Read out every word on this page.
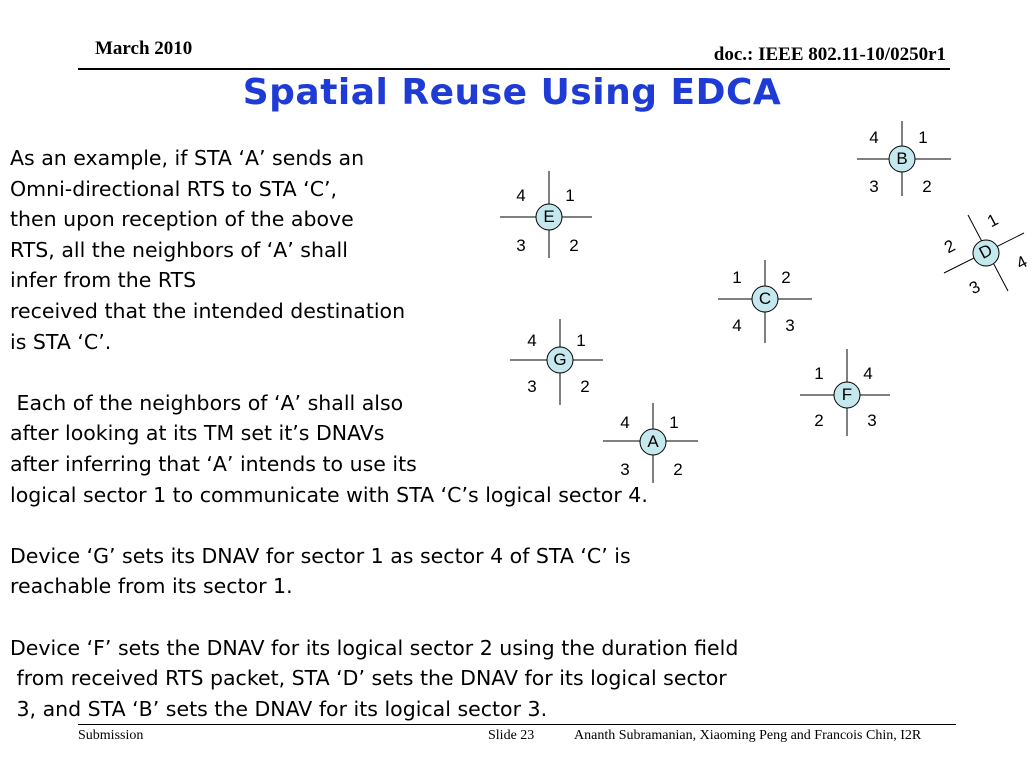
March 2010	doc.: IEEE 802.11-10/0250r1
Spatial Reuse Using EDCA
As an example, if STA ‘A’ sends an
Omni-directional RTS to STA ‘C’,
then upon reception of the above
RTS, all the neighbors of ‘A’ shall
infer from the RTS
received that the intended destination
is STA ‘C’.
Each of the neighbors of ‘A’ shall also
after looking at its TM set it’s DNAVs
after inferring that ‘A’ intends to use its
logical sector 1 to communicate with STA ‘C’s logical sector 4.
Device ‘G’ sets its DNAV for sector 1 as sector 4 of STA ‘C’ is
reachable from its sector 1.
Device ‘F’ sets the DNAV for its logical sector 2 using the duration field
from received RTS packet, STA ‘D’ sets the DNAV for its logical sector
3, and STA ‘B’ sets the DNAV for its logical sector 3.
B
4	1
3	2
E
4	1
3	2
C
1	2
4	3
G
4	1
3	2	F
1	4
2	3
A
4	1
3	2
D
1
2
4
3
Submission	Slide 23	Ananth Subramanian, Xiaoming Peng and Francois Chin, I2R
